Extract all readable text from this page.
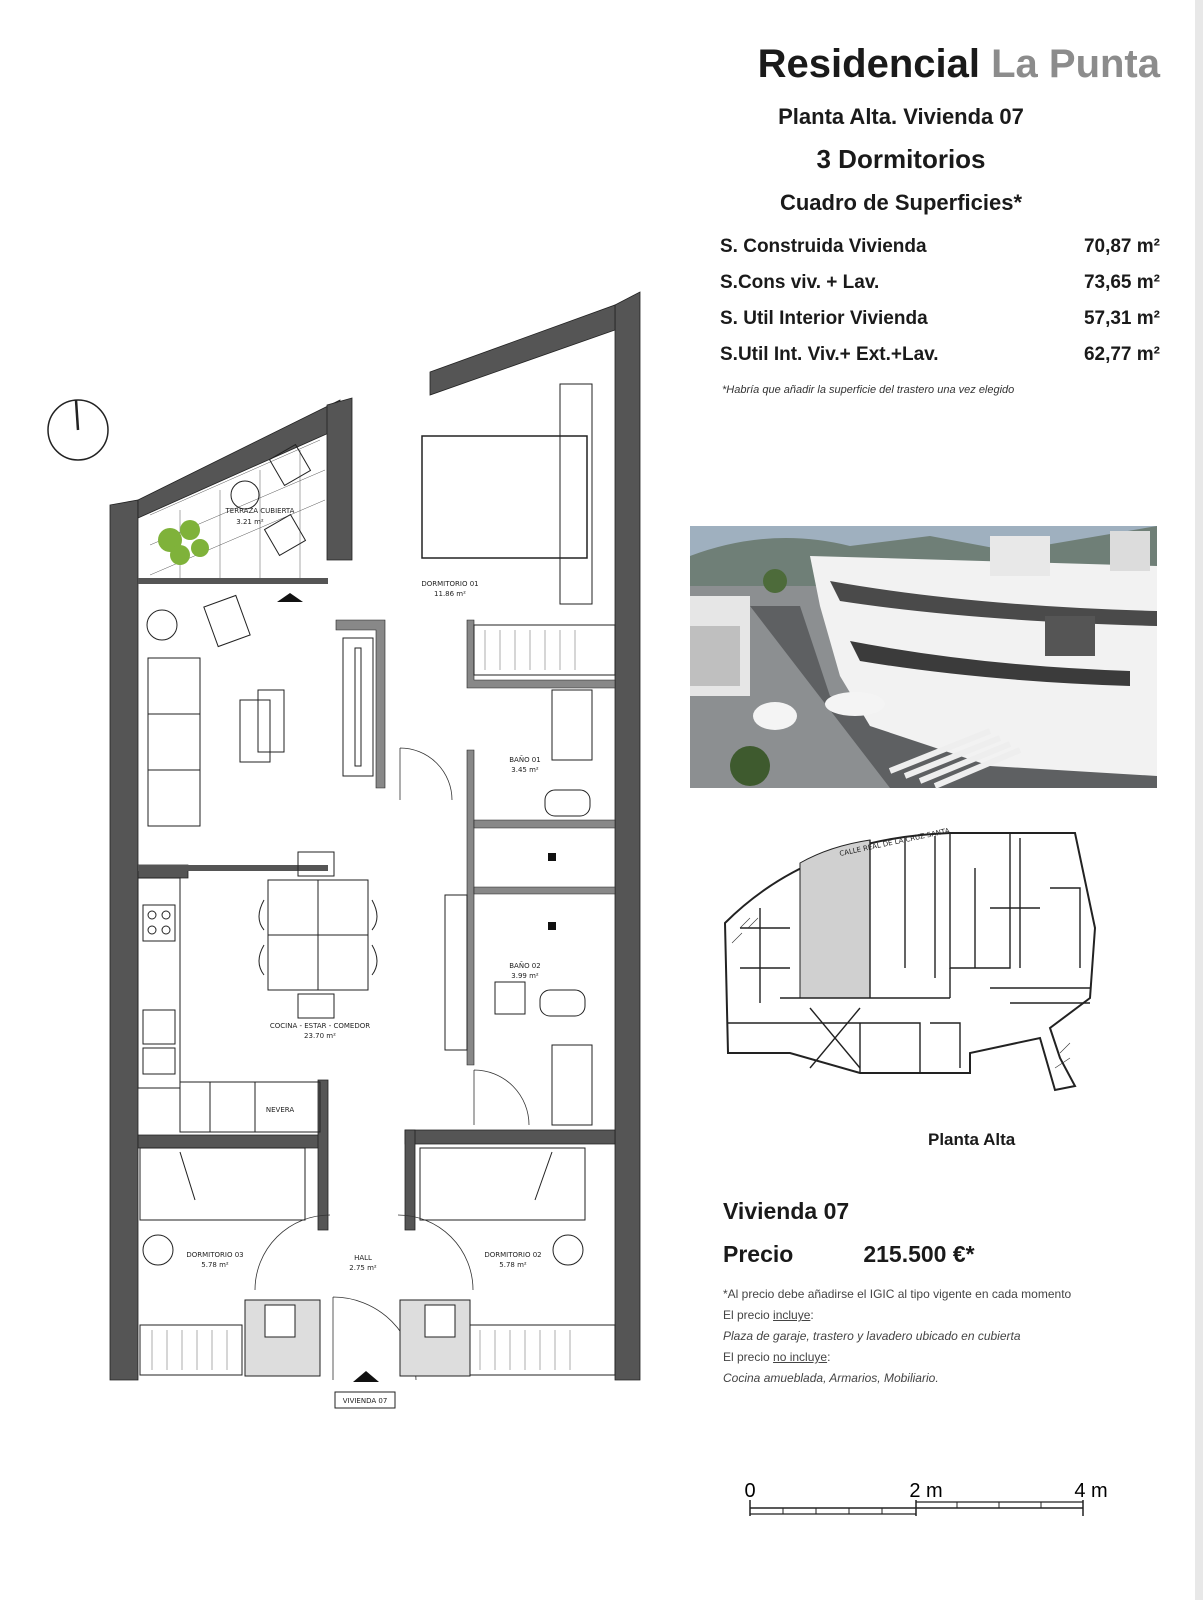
Residencial La Punta
Planta Alta. Vivienda 07
3 Dormitorios
Cuadro de Superficies*
S. Construida Vivienda	70,87 m²
S.Cons viv. + Lav.	73,65 m²
S. Util Interior Vivienda	57,31 m²
S.Util Int. Viv.+ Ext.+Lav.	62,77 m²
*Habría que añadir la superficie del trastero una vez elegido
CALLE REAL DE LA CRUZ SANTA
Planta Alta
Vivienda 07
Precio	215.500 €*
*Al precio debe añadirse el IGIC al tipo vigente en cada momento
El precio incluye:
Plaza de garaje, trastero y lavadero ubicado en cubierta
El precio no incluye:
Cocina amueblada, Armarios, Mobiliario.
0	2 m	4 m
TERRAZA CUBIERTA
3.21 m²
DORMITORIO 01
11.86 m²
NEVERA
COCINA - ESTAR - COMEDOR
23.70 m²
BAÑO 01
3.45 m²
BAÑO 02
3.99 m²
DORMITORIO 03
5.78 m²
HALL
2.75 m²
DORMITORIO 02
5.78 m²
VIVIENDA 07
